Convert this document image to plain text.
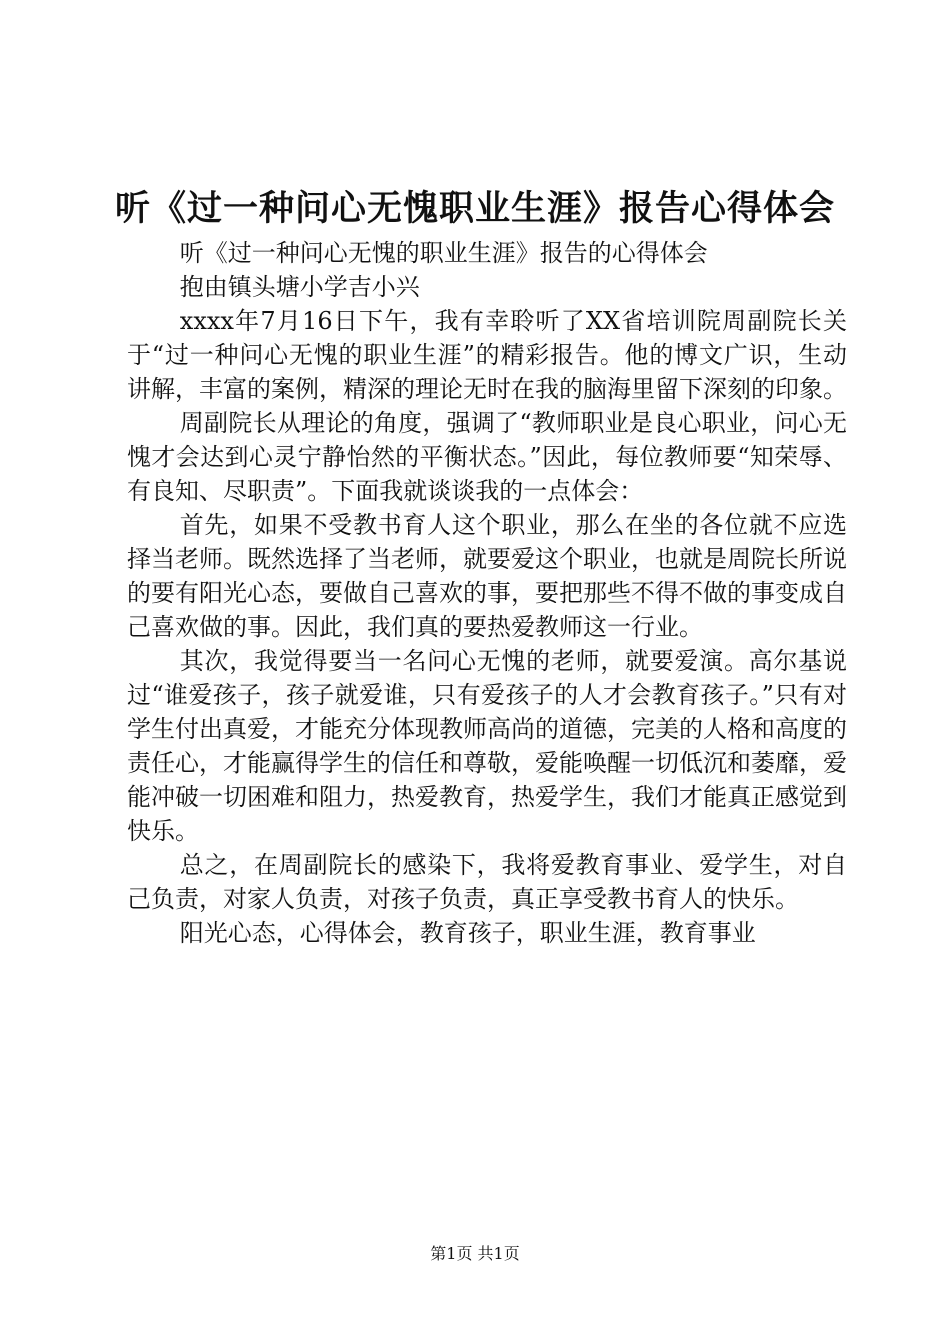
听《过一种问心无愧职业生涯》报告心得体会

听《过一种问心无愧的职业生涯》报告的心得体会

抱由镇头塘小学吉小兴

xxxx年7月16日下午，我有幸聆听了XX省培训院周副院长关于“过一种问心无愧的职业生涯”的精彩报告。他的博文广识，生动讲解，丰富的案例，精深的理论无时在我的脑海里留下深刻的印象。

周副院长从理论的角度，强调了“教师职业是良心职业，问心无愧才会达到心灵宁静怡然的平衡状态。”因此，每位教师要“知荣辱、有良知、尽职责”。下面我就谈谈我的一点体会：

首先，如果不受教书育人这个职业，那么在坐的各位就不应选择当老师。既然选择了当老师，就要爱这个职业，也就是周院长所说的要有阳光心态，要做自己喜欢的事，要把那些不得不做的事变成自己喜欢做的事。因此，我们真的要热爱教师这一行业。

其次，我觉得要当一名问心无愧的老师，就要爱演。高尔基说过“谁爱孩子，孩子就爱谁，只有爱孩子的人才会教育孩子。”只有对学生付出真爱，才能充分体现教师高尚的道德，完美的人格和高度的责任心，才能赢得学生的信任和尊敬，爱能唤醒一切低沉和萎靡，爱能冲破一切困难和阻力，热爱教育，热爱学生，我们才能真正感觉到快乐。

总之，在周副院长的感染下，我将爱教育事业、爱学生，对自己负责，对家人负责，对孩子负责，真正享受教书育人的快乐。

阳光心态，心得体会，教育孩子，职业生涯，教育事业

第1页 共1页
